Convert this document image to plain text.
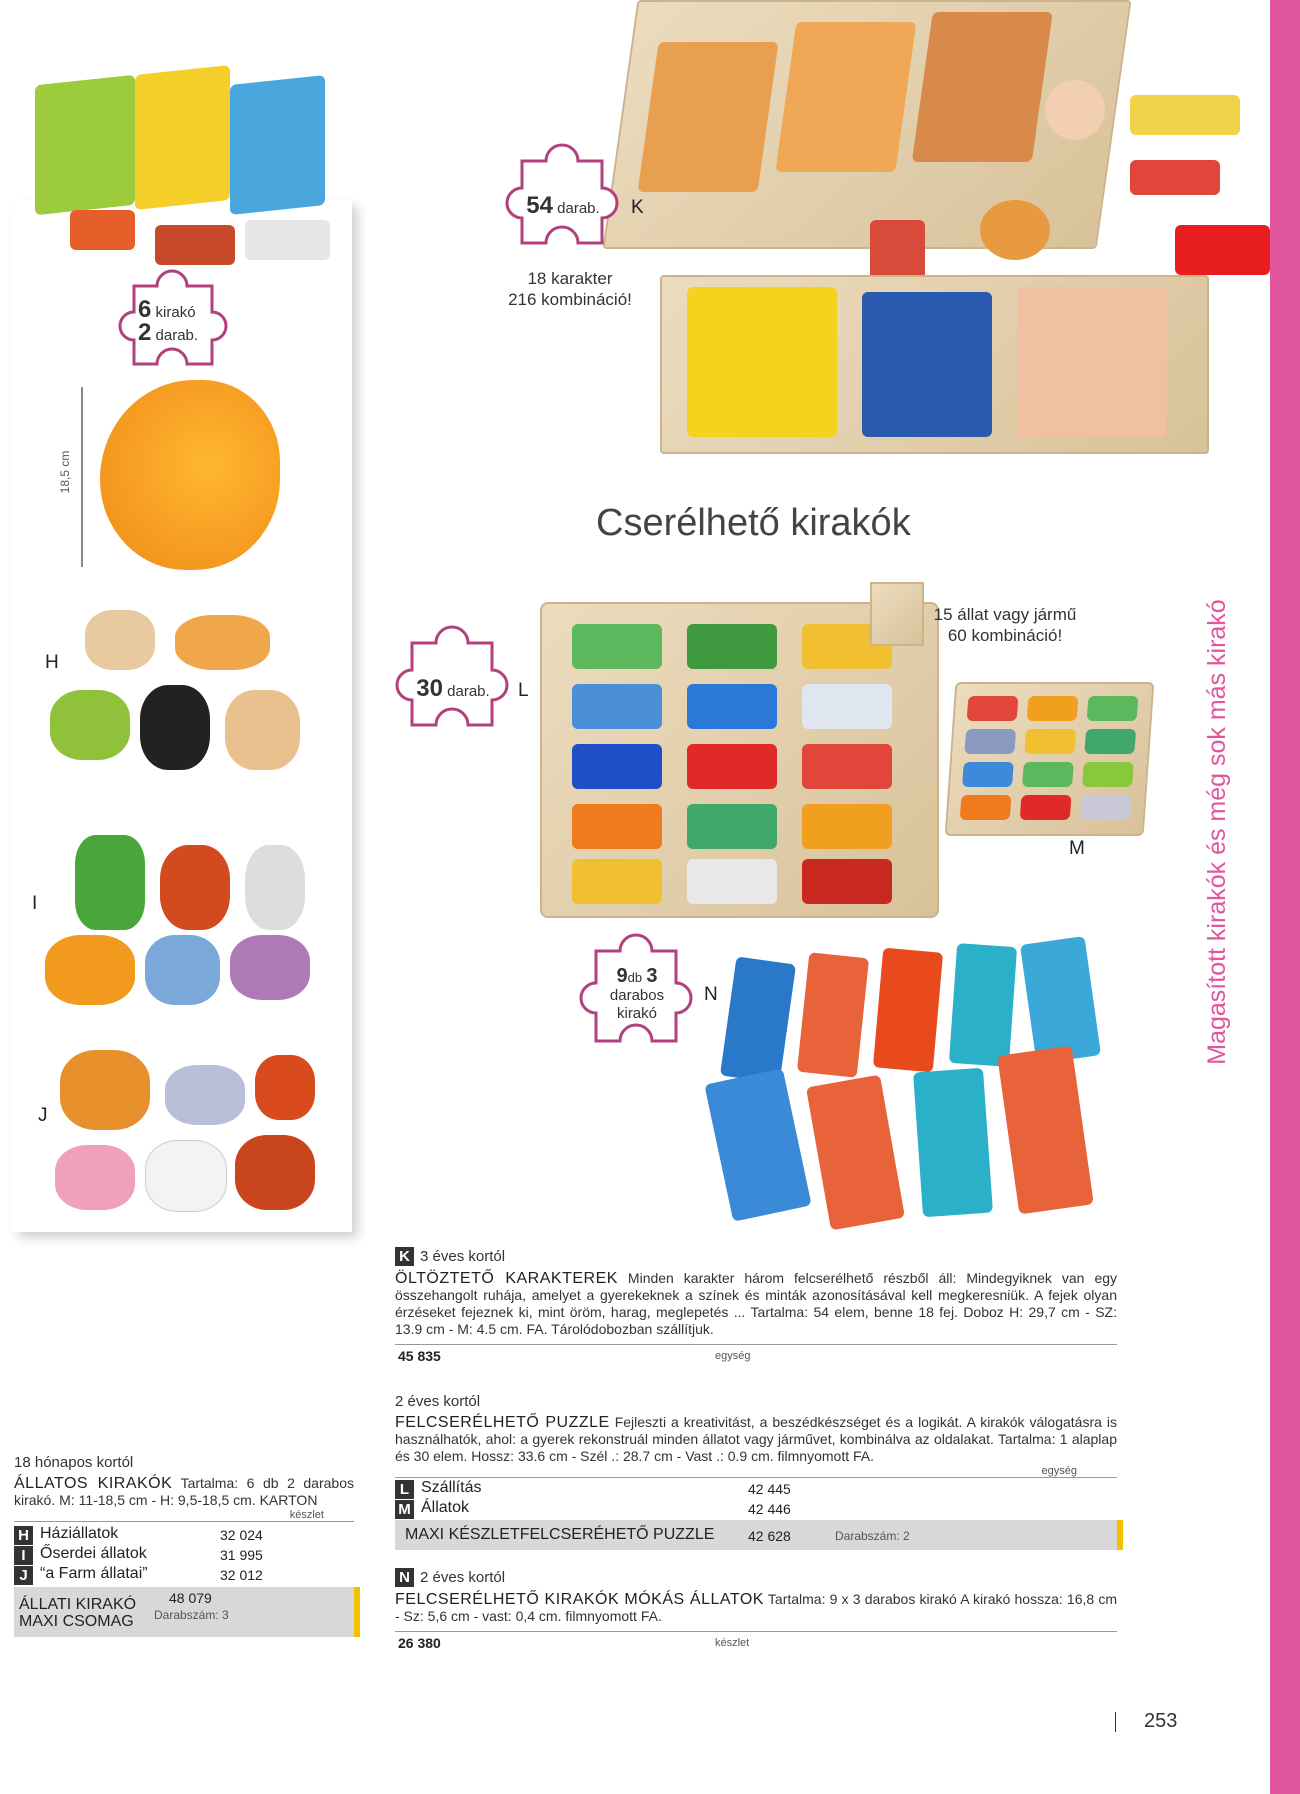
Magasított kirakók és még sok más kirakó
6 kirakó
2 darab.
18,5 cm
H
I
J
54 darab. K
18 karakter
216 kombináció!
Cserélhető kirakók
30 darab. L
15 állat vagy jármű
60 kombináció!
M
9db 3
darabos
kirakó
N
K 3 éves kortól
ÖLTÖZTETŐ KARAKTEREK Minden karakter három felcserélhető részből áll: Mindegyiknek van egy összehangolt ruhája, amelyet a gyerekeknek a színek és minták azonosításával kell megkeresniük. A fejek olyan érzéseket fejeznek ki, mint öröm, harag, meglepetés ... Tartalma: 54 elem, benne 18 fej. Doboz H: 29,7 cm - SZ: 13.9 cm - M: 4.5 cm. FA. Tárolódobozban szállítjuk.
45 835	egység
2 éves kortól
FELCSERÉLHETŐ PUZZLE Fejleszti a kreativitást, a beszédkészséget és a logikát. A kirakók válogatásra is használhatók, ahol: a gyerek rekonstruál minden állatot vagy járművet, kombinálva az oldalakat. Tartalma: 1 alaplap és 30 elem. Hossz: 33.6 cm - Szél .: 28.7 cm - Vast .: 0.9 cm. filmnyomott FA.
egység
L Szállítás	42 445
M Állatok	42 446
MAXI KÉSZLETFELCSERÉHETŐ PUZZLE 42 628	Darabszám: 2
N 2 éves kortól
FELCSERÉLHETŐ KIRAKÓK MÓKÁS ÁLLATOK Tartalma: 9 x 3 darabos kirakó A kirakó hossza: 16,8 cm - Sz: 5,6 cm - vast: 0,4 cm. filmnyomott FA.
26 380	készlet
18 hónapos kortól
ÁLLATOS KIRAKÓK Tartalma: 6 db 2 darabos kirakó. M: 11-18,5 cm - H: 9,5-18,5 cm. KARTON
készlet
H Háziállatok	32 024
I Őserdei állatok	31 995
J “a Farm állatai”	32 012
ÁLLATI KIRAKÓ
MAXI CSOMAG
48 079
Darabszám: 3
253
